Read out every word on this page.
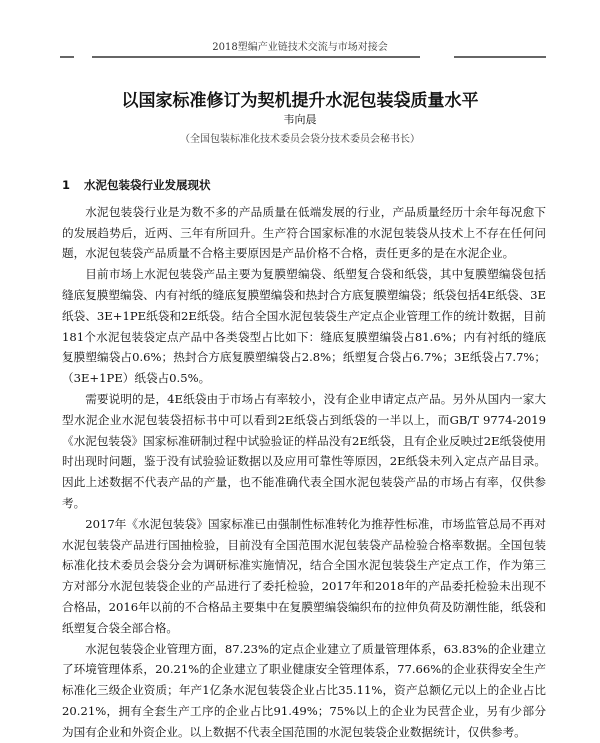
2018塑编产业链技术交流与市场对接会
以国家标准修订为契机提升水泥包装袋质量水平
韦向晨
（全国包装标准化技术委员会袋分技术委员会秘书长）
1 水泥包装袋行业发展现状

水泥包装袋行业是为数不多的产品质量在低端发展的行业，产品质量经历十余年每况愈下的发展趋势后，近两、三年有所回升。生产符合国家标准的水泥包装袋从技术上不存在任何问题，水泥包装袋产品质量不合格主要原因是产品价格不合格，责任更多的是在水泥企业。

目前市场上水泥包装袋产品主要为复膜塑编袋、纸塑复合袋和纸袋，其中复膜塑编袋包括缝底复膜塑编袋、内有衬纸的缝底复膜塑编袋和热封合方底复膜塑编袋；纸袋包括4E纸袋、3E纸袋、3E+1PE纸袋和2E纸袋。结合全国水泥包装袋生产定点企业管理工作的统计数据，目前181个水泥包装袋定点产品中各类袋型占比如下：缝底复膜塑编袋占81.6%；内有衬纸的缝底复膜塑编袋占0.6%；热封合方底复膜塑编袋占2.8%；纸塑复合袋占6.7%；3E纸袋占7.7%；（3E+1PE）纸袋占0.5%。

需要说明的是，4E纸袋由于市场占有率较小，没有企业申请定点产品。另外从国内一家大型水泥企业水泥包装袋招标书中可以看到2E纸袋占到纸袋的一半以上，而GB/T 9774-2019《水泥包装袋》国家标准研制过程中试验验证的样品没有2E纸袋，且有企业反映过2E纸袋使用时出现时问题，鉴于没有试验验证数据以及应用可靠性等原因，2E纸袋未列入定点产品目录。因此上述数据不代表产品的产量，也不能准确代表全国水泥包装袋产品的市场占有率，仅供参考。

2017年《水泥包装袋》国家标准已由强制性标准转化为推荐性标准，市场监管总局不再对水泥包装袋产品进行国抽检验，目前没有全国范围水泥包装袋产品检验合格率数据。全国包装标准化技术委员会袋分会为调研标准实施情况，结合全国水泥包装袋生产定点工作，作为第三方对部分水泥包装袋企业的产品进行了委托检验，2017年和2018年的产品委托检验未出现不合格品，2016年以前的不合格品主要集中在复膜塑编袋编织布的拉伸负荷及防潮性能，纸袋和纸塑复合袋全部合格。

水泥包装袋企业管理方面，87.23%的定点企业建立了质量管理体系，63.83%的企业建立了环境管理体系，20.21%的企业建立了职业健康安全管理体系，77.66%的企业获得安全生产标准化三级企业资质；年产1亿条水泥包装袋企业占比35.11%，资产总额亿元以上的企业占比20.21%，拥有全套生产工序的企业占比91.49%；75%以上的企业为民营企业，另有少部分为国有企业和外资企业。以上数据不代表全国范围的水泥包装袋企业数据统计，仅供参考。
